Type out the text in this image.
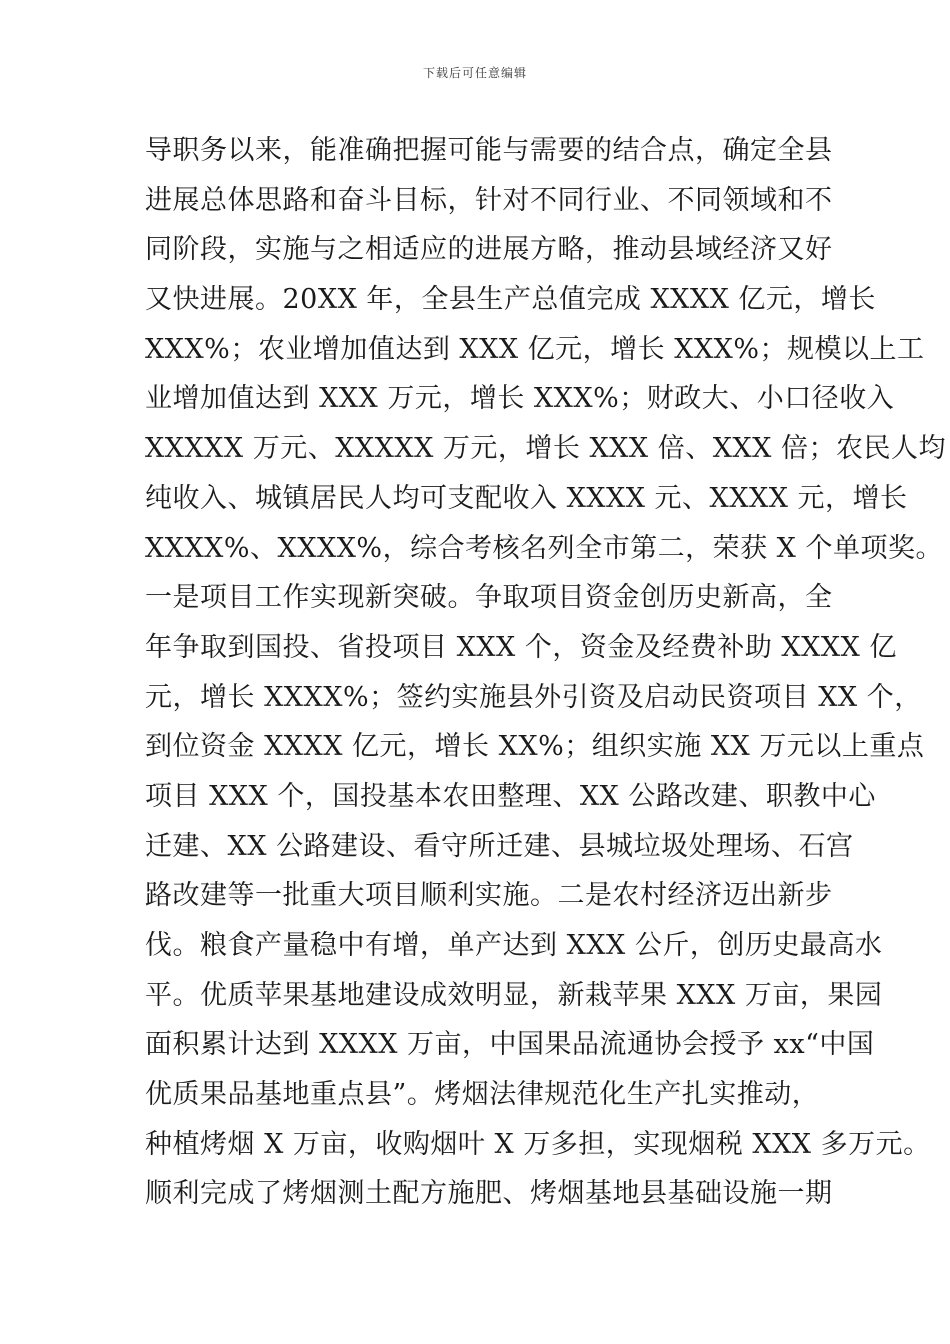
下载后可任意编辑
导职务以来，能准确把握可能与需要的结合点，确定全县
进展总体思路和奋斗目标，针对不同行业、不同领域和不
同阶段，实施与之相适应的进展方略，推动县域经济又好
又快进展。20XX 年，全县生产总值完成 XXXX 亿元，增长
XXX%；农业增加值达到 XXX 亿元，增长 XXX%；规模以上工
业增加值达到 XXX 万元，增长 XXX%；财政大、小口径收入
XXXXX 万元、XXXXX 万元，增长 XXX 倍、XXX 倍；农民人均
纯收入、城镇居民人均可支配收入 XXXX 元、XXXX 元，增长
XXXX%、XXXX%，综合考核名列全市第二，荣获 X 个单项奖。
一是项目工作实现新突破。争取项目资金创历史新高，全
年争取到国投、省投项目 XXX 个，资金及经费补助 XXXX 亿
元，增长 XXXX%；签约实施县外引资及启动民资项目 XX 个，
到位资金 XXXX 亿元，增长 XX%；组织实施 XX 万元以上重点
项目 XXX 个，国投基本农田整理、XX 公路改建、职教中心
迁建、XX 公路建设、看守所迁建、县城垃圾处理场、石宫
路改建等一批重大项目顺利实施。二是农村经济迈出新步
伐。粮食产量稳中有增，单产达到 XXX 公斤，创历史最高水
平。优质苹果基地建设成效明显，新栽苹果 XXX 万亩，果园
面积累计达到 XXXX 万亩，中国果品流通协会授予 xx“中国
优质果品基地重点县”。烤烟法律规范化生产扎实推动，
种植烤烟 X 万亩，收购烟叶 X 万多担，实现烟税 XXX 多万元。
顺利完成了烤烟测土配方施肥、烤烟基地县基础设施一期
